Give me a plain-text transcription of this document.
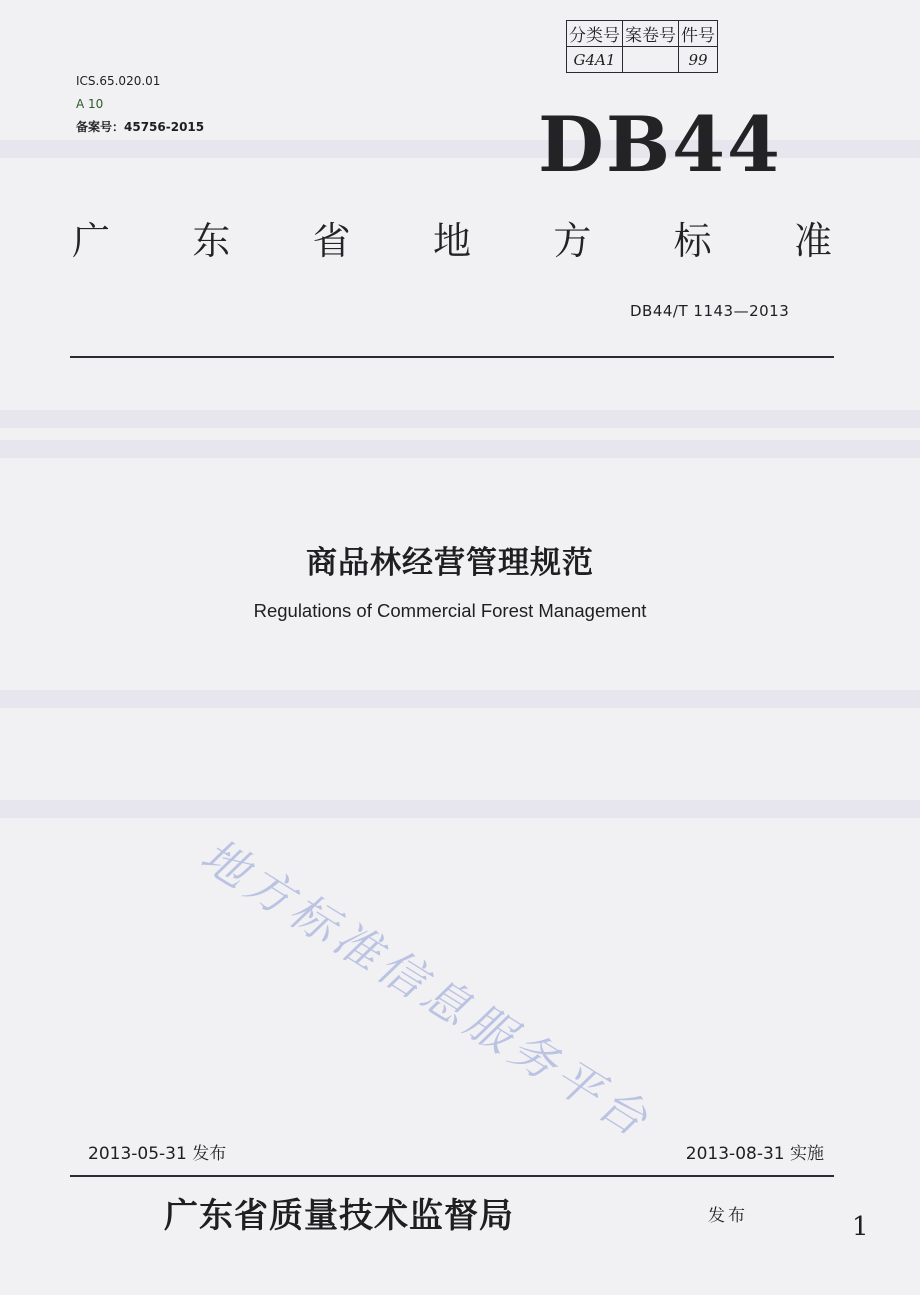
ICS.65.020.01
A 10
备案号：45756-2015
分类号	案卷号	件号
G4A1		99
DB44
广 东 省 地 方 标 准
DB44/T 1143—2013
商品林经营管理规范
Regulations of Commercial Forest Management
地方标准信息服务平台
2013-05-31 发布	2013-08-31 实施
广东省质量技术监督局	发布	1
